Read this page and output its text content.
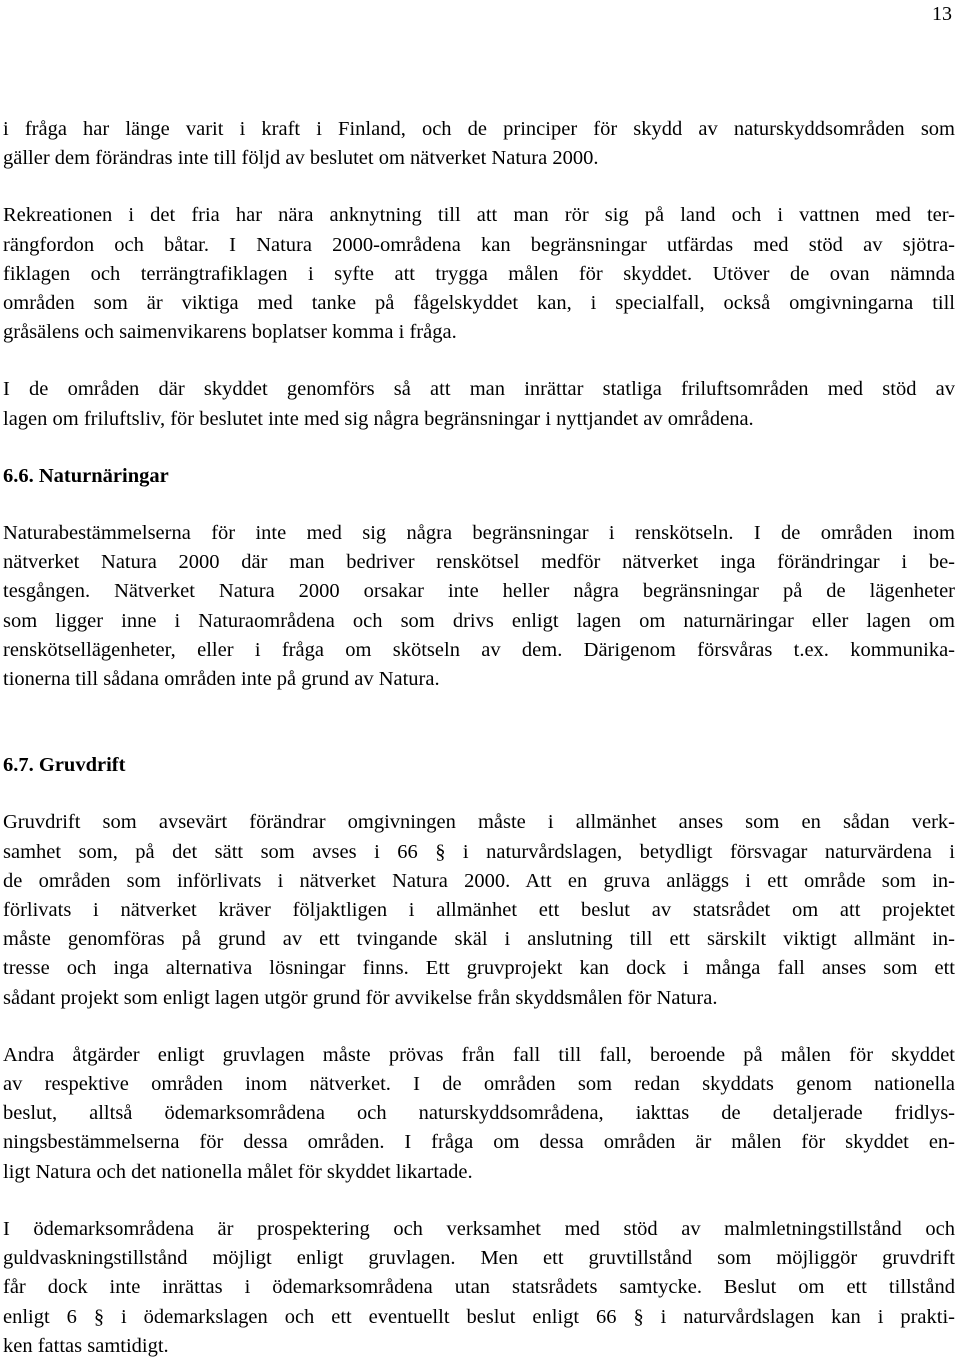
13
i fråga har länge varit i kraft i Finland, och de principer för skydd av naturskyddsområden som
gäller dem förändras inte till följd av beslutet om nätverket Natura 2000.
Rekreationen i det fria har nära anknytning till att man rör sig på land och i vattnen med ter-
rängfordon och båtar. I Natura 2000-områdena kan begränsningar utfärdas med stöd av sjötra-
fiklagen och terrängtrafiklagen i syfte att trygga målen för skyddet. Utöver de ovan nämnda
områden som är viktiga med tanke på fågelskyddet kan, i specialfall, också omgivningarna till
gråsälens och saimenvikarens boplatser komma i fråga.
I de områden där skyddet genomförs så att man inrättar statliga friluftsområden med stöd av
lagen om friluftsliv, för beslutet inte med sig några begränsningar i nyttjandet av områdena.
6.6. Naturnäringar
Naturabestämmelserna för inte med sig några begränsningar i renskötseln. I de områden inom
nätverket Natura 2000 där man bedriver renskötsel medför nätverket inga förändringar i be-
tesgången. Nätverket Natura 2000 orsakar inte heller några begränsningar på de lägenheter
som ligger inne i Naturaområdena och som drivs enligt lagen om naturnäringar eller lagen om
renskötsellägenheter, eller i fråga om skötseln av dem. Därigenom försvåras t.ex. kommunika-
tionerna till sådana områden inte på grund av Natura.
6.7. Gruvdrift
Gruvdrift som avsevärt förändrar omgivningen måste i allmänhet anses som en sådan verk-
samhet som, på det sätt som avses i 66 § i naturvårdslagen, betydligt försvagar naturvärdena i
de områden som införlivats i nätverket Natura 2000. Att en gruva anläggs i ett område som in-
förlivats i nätverket kräver följaktligen i allmänhet ett beslut av statsrådet om att projektet
måste genomföras på grund av ett tvingande skäl i anslutning till ett särskilt viktigt allmänt in-
tresse och inga alternativa lösningar finns. Ett gruvprojekt kan dock i många fall anses som ett
sådant projekt som enligt lagen utgör grund för avvikelse från skyddsmålen för Natura.
Andra åtgärder enligt gruvlagen måste prövas från fall till fall, beroende på målen för skyddet
av respektive områden inom nätverket. I de områden som redan skyddats genom nationella
beslut, alltså ödemarksområdena och naturskyddsområdena, iakttas de detaljerade fridlys-
ningsbestämmelserna för dessa områden. I fråga om dessa områden är målen för skyddet en-
ligt Natura och det nationella målet för skyddet likartade.
I ödemarksområdena är prospektering och verksamhet med stöd av malmletningstillstånd och
guldvaskningstillstånd möjligt enligt gruvlagen. Men ett gruvtillstånd som möjliggör gruvdrift
får dock inte inrättas i ödemarksområdena utan statsrådets samtycke. Beslut om ett tillstånd
enligt 6 § i ödemarkslagen och ett eventuellt beslut enligt 66 § i naturvårdslagen kan i prakti-
ken fattas samtidigt.
